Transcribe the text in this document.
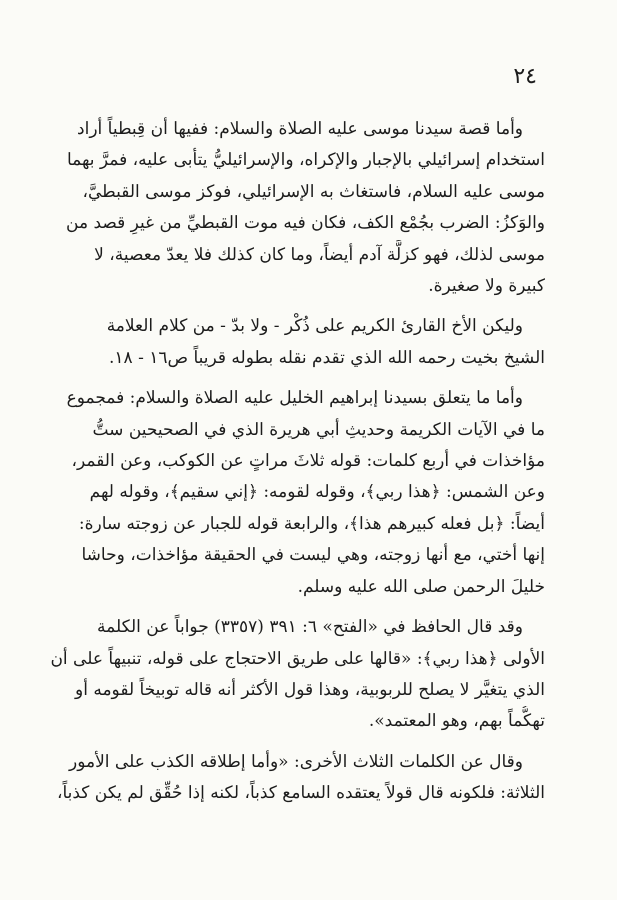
٢٤

وأما قصة سيدنا موسى عليه الصلاة والسلام: ففيها أن قِبطياً أراد
استخدام إسرائيلي بالإجبار والإكراه، والإسرائيليُّ يتأبى عليه، فمرَّ بهما
موسى عليه السلام، فاستغاث به الإسرائيلي، فوكز موسى القبطيَّ،
والوَكزُ: الضرب بجُمْع الكف، فكان فيه موت القبطيِّ من غيرِ قصد من
موسى لذلك، فهو كزلَّة آدم أيضاً، وما كان كذلك فلا يعدّ معصية، لا
كبيرة ولا صغيرة.

وليكن الأخ القارئ الكريم على ذُكْر - ولا بدّ - من كلام العلامة
الشيخ بخيت رحمه الله الذي تقدم نقله بطوله قريباً ص١٦ - ١٨.

وأما ما يتعلق بسيدنا إبراهيم الخليل عليه الصلاة والسلام: فمجموع
ما في الآيات الكريمة وحديثِ أبي هريرة الذي في الصحيحين ستُّ
مؤاخذات في أربع كلمات: قوله ثلاثَ مراتٍ عن الكوكب، وعن القمر،
وعن الشمس: ﴿هذا ربي﴾، وقوله لقومه: ﴿إني سقيم﴾، وقوله لهم
أيضاً: ﴿بل فعله كبيرهم هذا﴾، والرابعة قوله للجبار عن زوجته سارة:
إنها أختي، مع أنها زوجته، وهي ليست في الحقيقة مؤاخذات، وحاشا
خليلَ الرحمن صلى الله عليه وسلم.

وقد قال الحافظ في «الفتح» ٦: ٣٩١ (٣٣٥٧) جواباً عن الكلمة
الأولى ﴿هذا ربي﴾: «قالها على طريق الاحتجاج على قوله، تنبيهاً على أن
الذي يتغيَّر لا يصلح للربوبية، وهذا قول الأكثر أنه قاله توبيخاً لقومه أو
تهكُّماً بهم، وهو المعتمد».

وقال عن الكلمات الثلاث الأخرى: «وأما إطلاقه الكذب على الأمور
الثلاثة: فلكونه قال قولاً يعتقده السامع كذباً، لكنه إذا حُقِّق لم يكن كذباً،
